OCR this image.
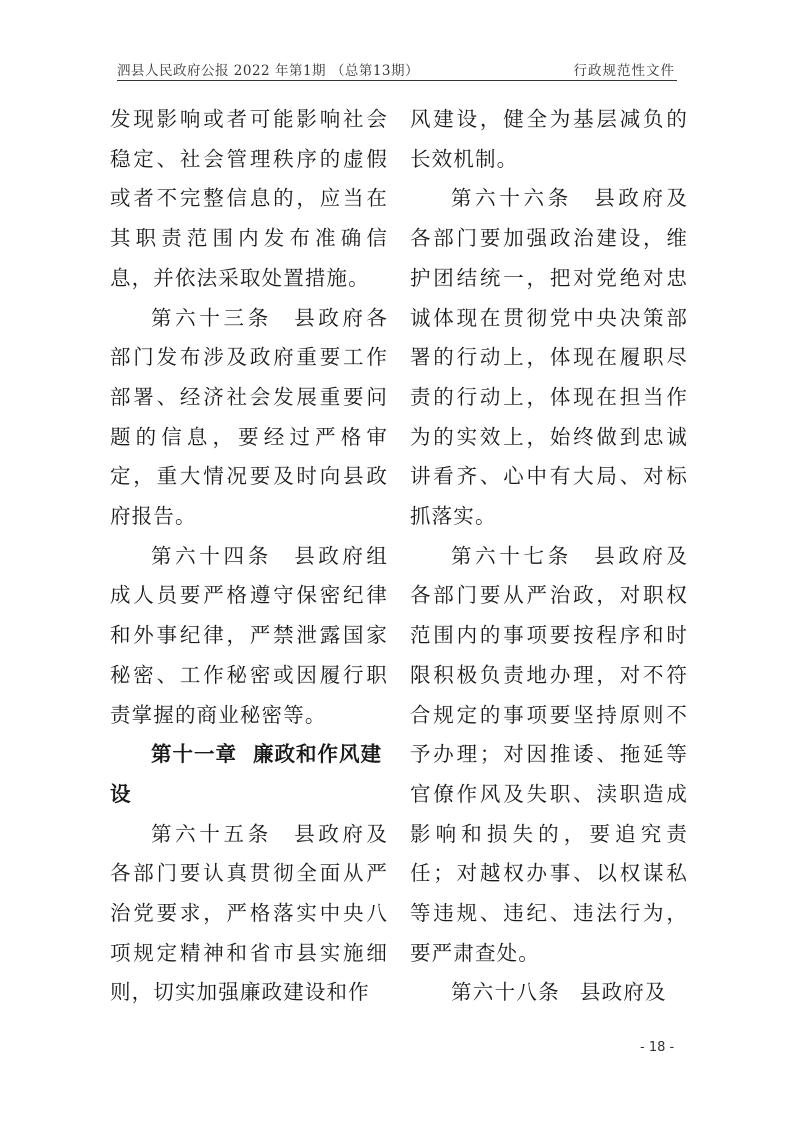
泗县人民政府公报 2022 年第1期 （总第13期）	行政规范性文件

发现影响或者可能影响社会稳定、社会管理秩序的虚假或者不完整信息的，应当在其职责范围内发布准确信息，并依法采取处置措施。

第六十三条 县政府各部门发布涉及政府重要工作部署、经济社会发展重要问题的信息，要经过严格审定，重大情况要及时向县政府报告。

第六十四条 县政府组成人员要严格遵守保密纪律和外事纪律，严禁泄露国家秘密、工作秘密或因履行职责掌握的商业秘密等。

第十一章 廉政和作风建设

第六十五条 县政府及各部门要认真贯彻全面从严治党要求，严格落实中央八项规定精神和省市县实施细则，切实加强廉政建设和作

风建设，健全为基层减负的长效机制。

第六十六条 县政府及各部门要加强政治建设，维护团结统一，把对党绝对忠诚体现在贯彻党中央决策部署的行动上，体现在履职尽责的行动上，体现在担当作为的实效上，始终做到忠诚讲看齐、心中有大局、对标抓落实。

第六十七条 县政府及各部门要从严治政，对职权范围内的事项要按程序和时限积极负责地办理，对不符合规定的事项要坚持原则不予办理；对因推诿、拖延等官僚作风及失职、渎职造成影响和损失的，要追究责任；对越权办事、以权谋私等违规、违纪、违法行为，要严肃查处。

第六十八条 县政府及

- 18 -
